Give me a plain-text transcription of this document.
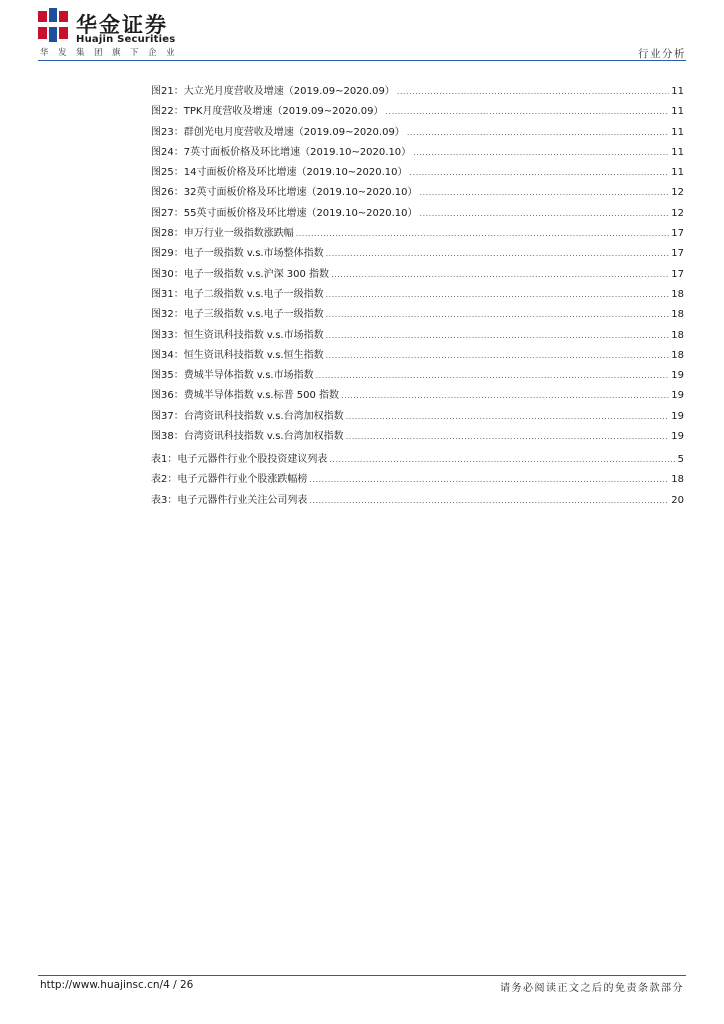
华金证券
Huajin Securities
华发集团旗下企业	行业分析
图21：大立光月度营收及增速（2019.09~2020.09） .....	11
图22：TPK月度营收及增速（2019.09~2020.09） .....	11
图23：群创光电月度营收及增速（2019.09~2020.09） .....	11
图24：7英寸面板价格及环比增速（2019.10~2020.10） .....	11
图25：14寸面板价格及环比增速（2019.10~2020.10） .....	11
图26：32英寸面板价格及环比增速（2019.10~2020.10） .....	12
图27：55英寸面板价格及环比增速（2019.10~2020.10） .....	12
图28：申万行业一级指数涨跌幅 .....	17
图29：电子一级指数 v.s.市场整体指数 .....	17
图30：电子一级指数 v.s.沪深 300 指数 .....	17
图31：电子二级指数 v.s.电子一级指数 .....	18
图32：电子三级指数 v.s.电子一级指数 .....	18
图33：恒生资讯科技指数 v.s.市场指数 .....	18
图34：恒生资讯科技指数 v.s.恒生指数 .....	18
图35：费城半导体指数 v.s.市场指数 .....	19
图36：费城半导体指数 v.s.标普 500 指数 .....	19
图37：台湾资讯科技指数 v.s.台湾加权指数 .....	19
图38：台湾资讯科技指数 v.s.台湾加权指数 .....	19
表1：电子元器件行业个股投资建议列表 .....	5
表2：电子元器件行业个股涨跌幅榜 .....	18
表3：电子元器件行业关注公司列表 .....	20
http://www.huajinsc.cn/4 / 26	请务必阅读正文之后的免责条款部分
